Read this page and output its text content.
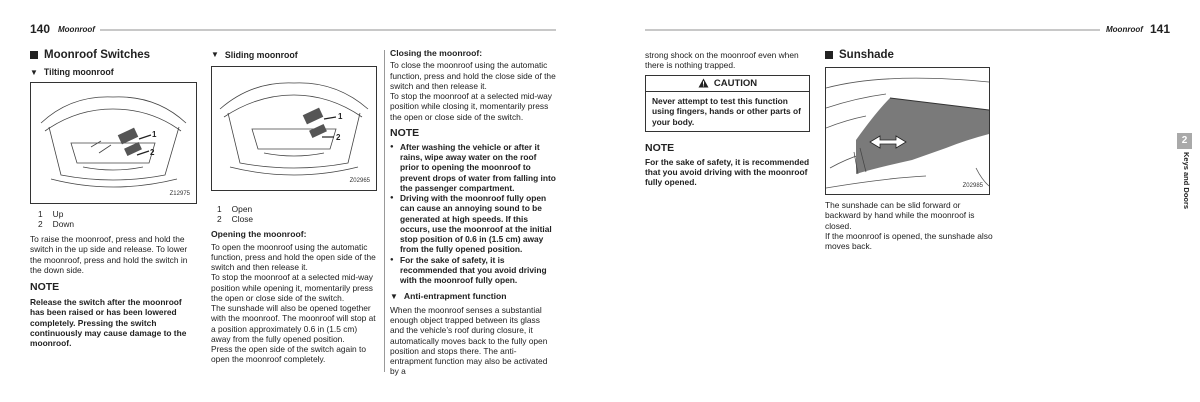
140 Moonroof	Moonroof 141
2
Keys and Doors
Moonroof Switches
▼ Tilting moonroof
1
2
Z12975
1 Up
2 Down

To raise the moonroof, press and hold the switch in the up side and release. To lower the moonroof, press and hold the switch in the down side.

NOTE

Release the switch after the moonroof has been raised or has been lowered completely. Pressing the switch continuously may cause damage to the moonroof.

▼ Sliding moonroof
1
2
Z02965
1 Open
2 Close
Opening the moonroof:

To open the moonroof using the automatic function, press and hold the open side of the switch and then release it.

To stop the moonroof at a selected mid-way position while opening it, momentarily press the open or close side of the switch.

The sunshade will also be opened together with the moonroof. The moonroof will stop at a position approximately 0.6 in (1.5 cm) away from the fully opened position.

Press the open side of the switch again to open the moonroof completely.

Closing the moonroof:

To close the moonroof using the automatic function, press and hold the close side of the switch and then release it.

To stop the moonroof at a selected mid-way position while closing it, momentarily press the open or close side of the switch.

NOTE
● After washing the vehicle or after it rains, wipe away water on the roof prior to opening the moonroof to prevent drops of water from falling into the passenger compartment.
● Driving with the moonroof fully open can cause an annoying sound to be generated at high speeds. If this occurs, use the moonroof at the initial stop position of 0.6 in (1.5 cm) away from the fully opened position.
● For the sake of safety, it is recommended that you avoid driving with the moonroof fully open.
▼ Anti-entrapment function

When the moonroof senses a substantial enough object trapped between its glass and the vehicle’s roof during closure, it automatically moves back to the fully open position and stops there. The anti-entrapment function may also be activated by a

strong shock on the moonroof even when there is nothing trapped.

CAUTION
Never attempt to test this function using fingers, hands or other parts of your body.
NOTE

For the sake of safety, it is recommended that you avoid driving with the moonroof fully opened.

Sunshade
Z02985

The sunshade can be slid forward or backward by hand while the moonroof is closed.

If the moonroof is opened, the sunshade also moves back.
